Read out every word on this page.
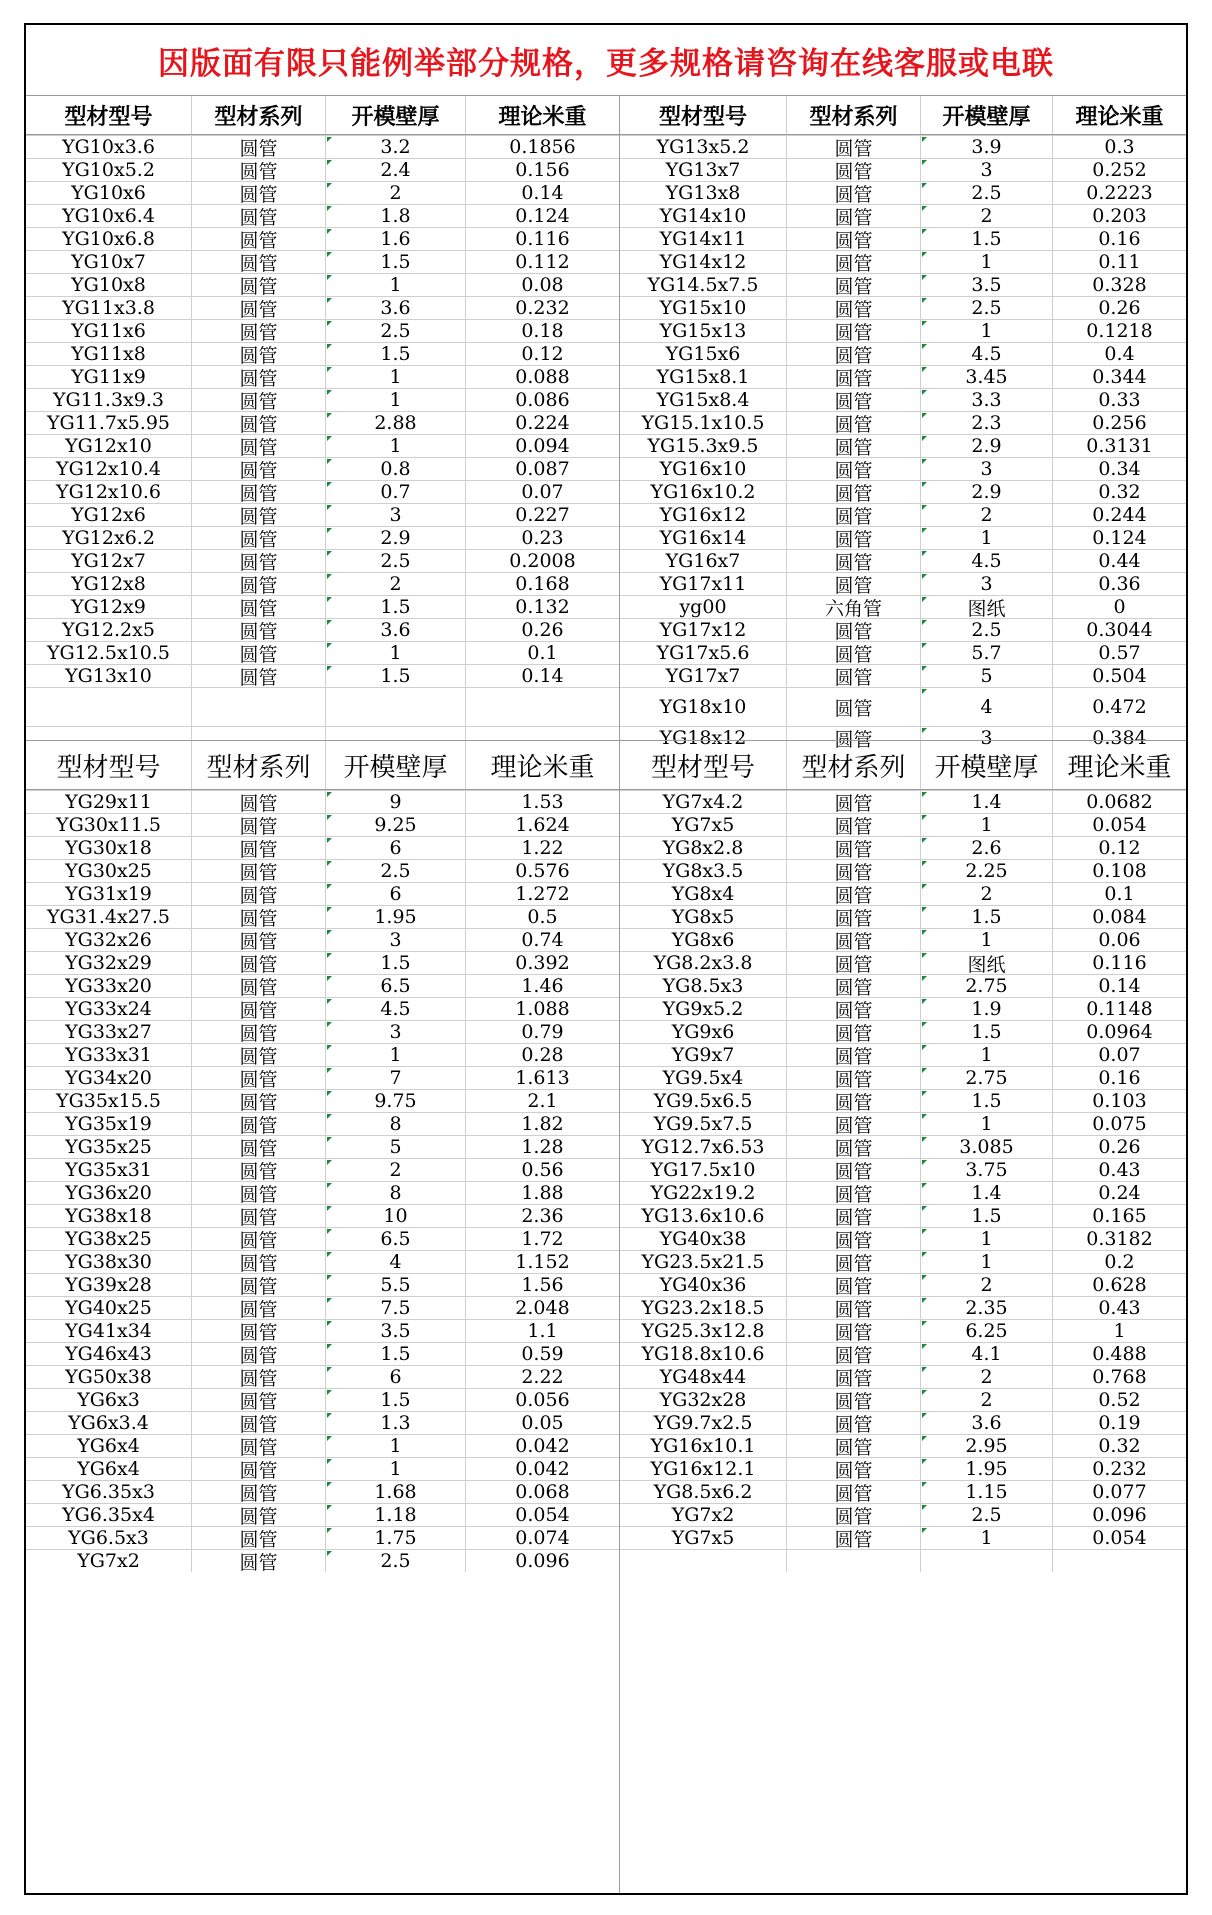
因版面有限只能例举部分规格，更多规格请咨询在线客服或电联
型材型号	型材系列	开模壁厚	理论米重
YG10x3.6	圆管	3.2	0.1856
YG10x5.2	圆管	2.4	0.156
YG10x6	圆管	2	0.14
YG10x6.4	圆管	1.8	0.124
YG10x6.8	圆管	1.6	0.116
YG10x7	圆管	1.5	0.112
YG10x8	圆管	1	0.08
YG11x3.8	圆管	3.6	0.232
YG11x6	圆管	2.5	0.18
YG11x8	圆管	1.5	0.12
YG11x9	圆管	1	0.088
YG11.3x9.3	圆管	1	0.086
YG11.7x5.95	圆管	2.88	0.224
YG12x10	圆管	1	0.094
YG12x10.4	圆管	0.8	0.087
YG12x10.6	圆管	0.7	0.07
YG12x6	圆管	3	0.227
YG12x6.2	圆管	2.9	0.23
YG12x7	圆管	2.5	0.2008
YG12x8	圆管	2	0.168
YG12x9	圆管	1.5	0.132
YG12.2x5	圆管	3.6	0.26
YG12.5x10.5	圆管	1	0.1
YG13x10	圆管	1.5	0.14
型材型号	型材系列	开模壁厚	理论米重
YG13x5.2	圆管	3.9	0.3
YG13x7	圆管	3	0.252
YG13x8	圆管	2.5	0.2223
YG14x10	圆管	2	0.203
YG14x11	圆管	1.5	0.16
YG14x12	圆管	1	0.11
YG14.5x7.5	圆管	3.5	0.328
YG15x10	圆管	2.5	0.26
YG15x13	圆管	1	0.1218
YG15x6	圆管	4.5	0.4
YG15x8.1	圆管	3.45	0.344
YG15x8.4	圆管	3.3	0.33
YG15.1x10.5	圆管	2.3	0.256
YG15.3x9.5	圆管	2.9	0.3131
YG16x10	圆管	3	0.34
YG16x10.2	圆管	2.9	0.32
YG16x12	圆管	2	0.244
YG16x14	圆管	1	0.124
YG16x7	圆管	4.5	0.44
YG17x11	圆管	3	0.36
yg00	六角管	图纸	0
YG17x12	圆管	2.5	0.3044
YG17x5.6	圆管	5.7	0.57
YG17x7	圆管	5	0.504
YG18x10	圆管	4	0.472
YG18x12	圆管	3	0.384
型材型号	型材系列	开模壁厚	理论米重
YG29x11	圆管	9	1.53
YG30x11.5	圆管	9.25	1.624
YG30x18	圆管	6	1.22
YG30x25	圆管	2.5	0.576
YG31x19	圆管	6	1.272
YG31.4x27.5	圆管	1.95	0.5
YG32x26	圆管	3	0.74
YG32x29	圆管	1.5	0.392
YG33x20	圆管	6.5	1.46
YG33x24	圆管	4.5	1.088
YG33x27	圆管	3	0.79
YG33x31	圆管	1	0.28
YG34x20	圆管	7	1.613
YG35x15.5	圆管	9.75	2.1
YG35x19	圆管	8	1.82
YG35x25	圆管	5	1.28
YG35x31	圆管	2	0.56
YG36x20	圆管	8	1.88
YG38x18	圆管	10	2.36
YG38x25	圆管	6.5	1.72
YG38x30	圆管	4	1.152
YG39x28	圆管	5.5	1.56
YG40x25	圆管	7.5	2.048
YG41x34	圆管	3.5	1.1
YG46x43	圆管	1.5	0.59
YG50x38	圆管	6	2.22
YG6x3	圆管	1.5	0.056
YG6x3.4	圆管	1.3	0.05
YG6x4	圆管	1	0.042
YG6x4	圆管	1	0.042
YG6.35x3	圆管	1.68	0.068
YG6.35x4	圆管	1.18	0.054
YG6.5x3	圆管	1.75	0.074
YG7x2	圆管	2.5	0.096
型材型号	型材系列	开模壁厚	理论米重
YG7x4.2	圆管	1.4	0.0682
YG7x5	圆管	1	0.054
YG8x2.8	圆管	2.6	0.12
YG8x3.5	圆管	2.25	0.108
YG8x4	圆管	2	0.1
YG8x5	圆管	1.5	0.084
YG8x6	圆管	1	0.06
YG8.2x3.8	圆管	图纸	0.116
YG8.5x3	圆管	2.75	0.14
YG9x5.2	圆管	1.9	0.1148
YG9x6	圆管	1.5	0.0964
YG9x7	圆管	1	0.07
YG9.5x4	圆管	2.75	0.16
YG9.5x6.5	圆管	1.5	0.103
YG9.5x7.5	圆管	1	0.075
YG12.7x6.53	圆管	3.085	0.26
YG17.5x10	圆管	3.75	0.43
YG22x19.2	圆管	1.4	0.24
YG13.6x10.6	圆管	1.5	0.165
YG40x38	圆管	1	0.3182
YG23.5x21.5	圆管	1	0.2
YG40x36	圆管	2	0.628
YG23.2x18.5	圆管	2.35	0.43
YG25.3x12.8	圆管	6.25	1
YG18.8x10.6	圆管	4.1	0.488
YG48x44	圆管	2	0.768
YG32x28	圆管	2	0.52
YG9.7x2.5	圆管	3.6	0.19
YG16x10.1	圆管	2.95	0.32
YG16x12.1	圆管	1.95	0.232
YG8.5x6.2	圆管	1.15	0.077
YG7x2	圆管	2.5	0.096
YG7x5	圆管	1	0.054
